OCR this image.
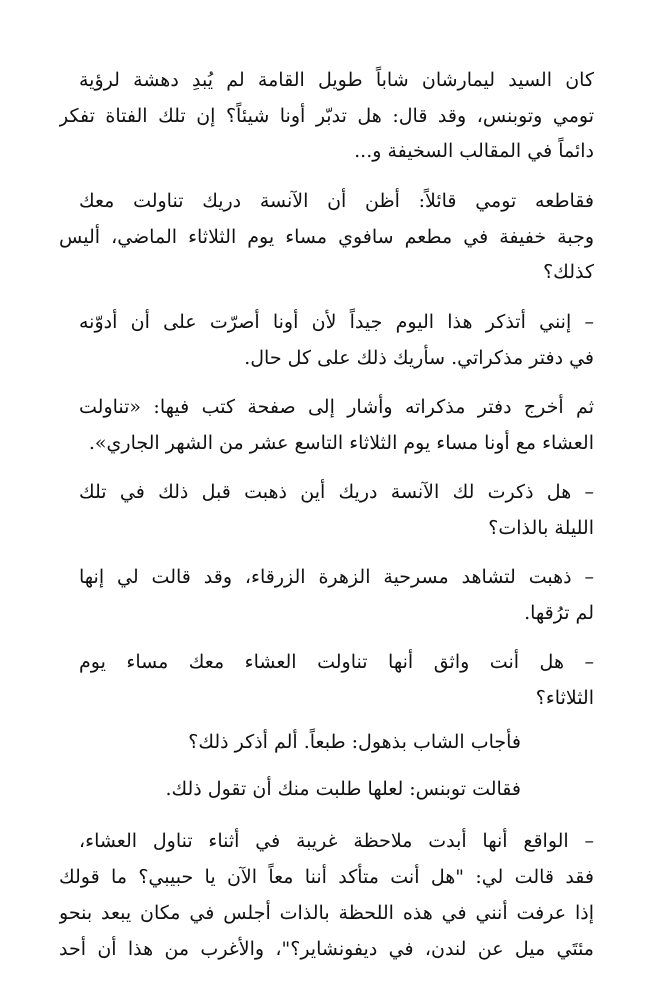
كان السيد ليمارشان شاباً طويل القامة لم يُبدِ دهشة لرؤية
تومي وتوبنس، وقد قال: هل تدبّر أونا شيئاً؟ إن تلك الفتاة تفكر
دائماً في المقالب السخيفة و...
فقاطعه تومي قائلاً: أظن أن الآنسة دريك تناولت معك
وجبة خفيفة في مطعم سافوي مساء يوم الثلاثاء الماضي، أليس
كذلك؟
– إنني أتذكر هذا اليوم جيداً لأن أونا أصرّت على أن أدوّنه
في دفتر مذكراتي. سأريك ذلك على كل حال.
ثم أخرج دفتر مذكراته وأشار إلى صفحة كتب فيها: «تناولت
العشاء مع أونا مساء يوم الثلاثاء التاسع عشر من الشهر الجاري».
– هل ذكرت لك الآنسة دريك أين ذهبت قبل ذلك في تلك
الليلة بالذات؟
– ذهبت لتشاهد مسرحية الزهرة الزرقاء، وقد قالت لي إنها
لم ترُقها.
– هل أنت واثق أنها تناولت العشاء معك مساء يوم
الثلاثاء؟
فأجاب الشاب بذهول: طبعاً. ألم أذكر ذلك؟
فقالت توبنس: لعلها طلبت منك أن تقول ذلك.
– الواقع أنها أبدت ملاحظة غريبة في أثناء تناول العشاء،
فقد قالت لي: "هل أنت متأكد أننا معاً الآن يا حبيبي؟ ما قولك
إذا عرفت أنني في هذه اللحظة بالذات أجلس في مكان يبعد بنحو
مئتَي ميل عن لندن، في ديفونشاير؟"، والأغرب من هذا أن أحد
